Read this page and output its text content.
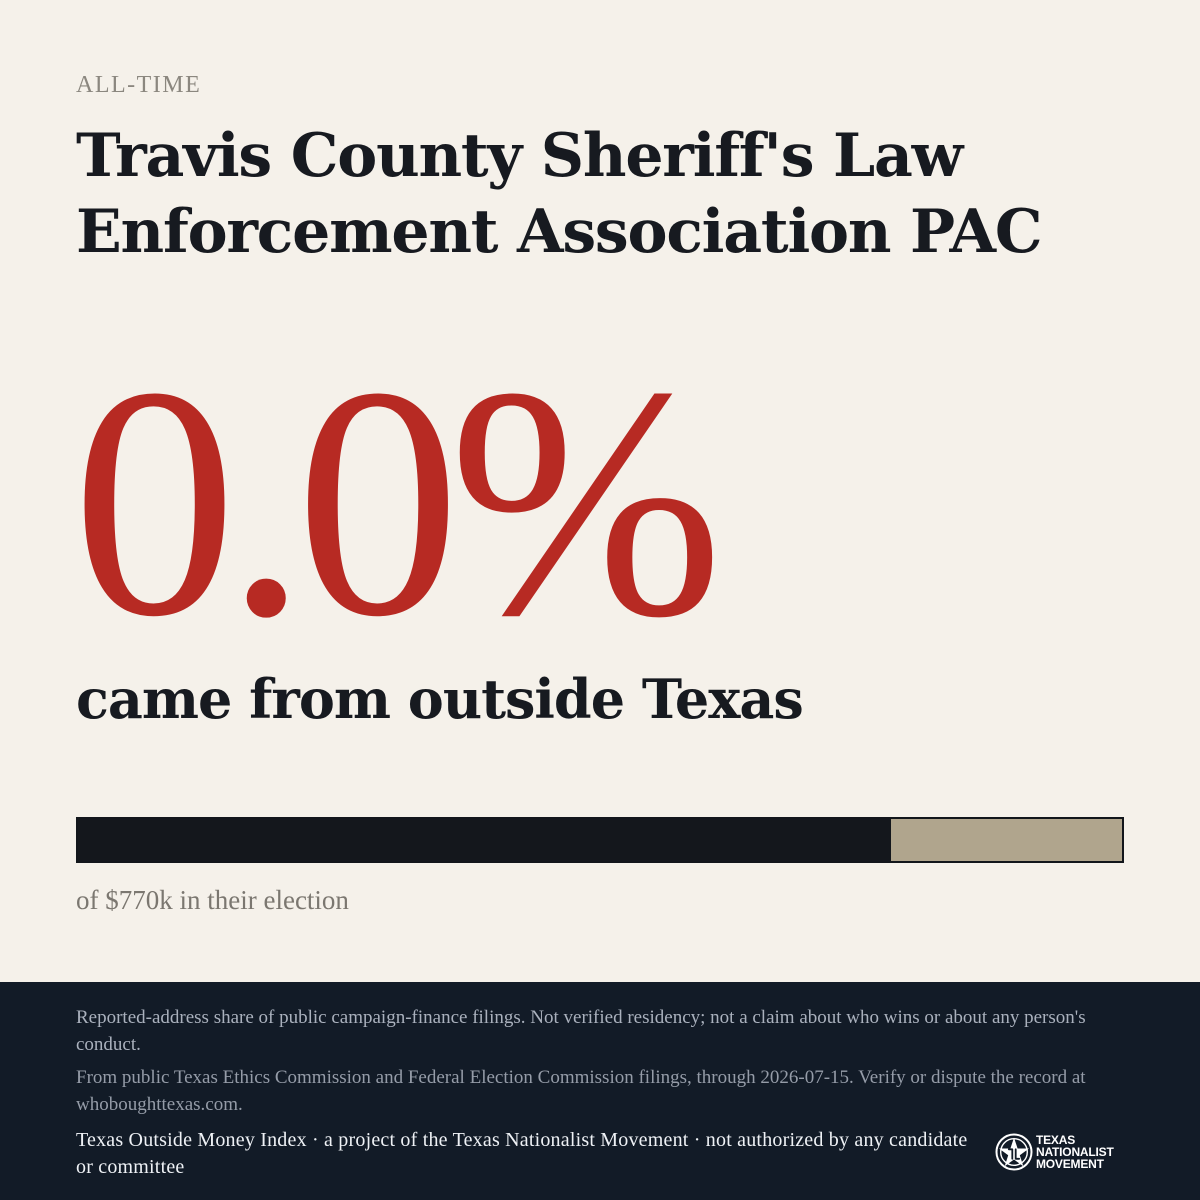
ALL-TIME
Travis County Sheriff's Law Enforcement Association PAC
0.0%
came from outside Texas
of $770k in their election

Reported-address share of public campaign-finance filings. Not verified residency; not a claim about who wins or about any person's conduct.

From public Texas Ethics Commission and Federal Election Commission filings, through 2026-07-15. Verify or dispute the record at whoboughttexas.com.

Texas Outside Money Index · a project of the Texas Nationalist Movement · not authorized by any candidate or committee

TEXAS
NATIONALIST
MOVEMENT
